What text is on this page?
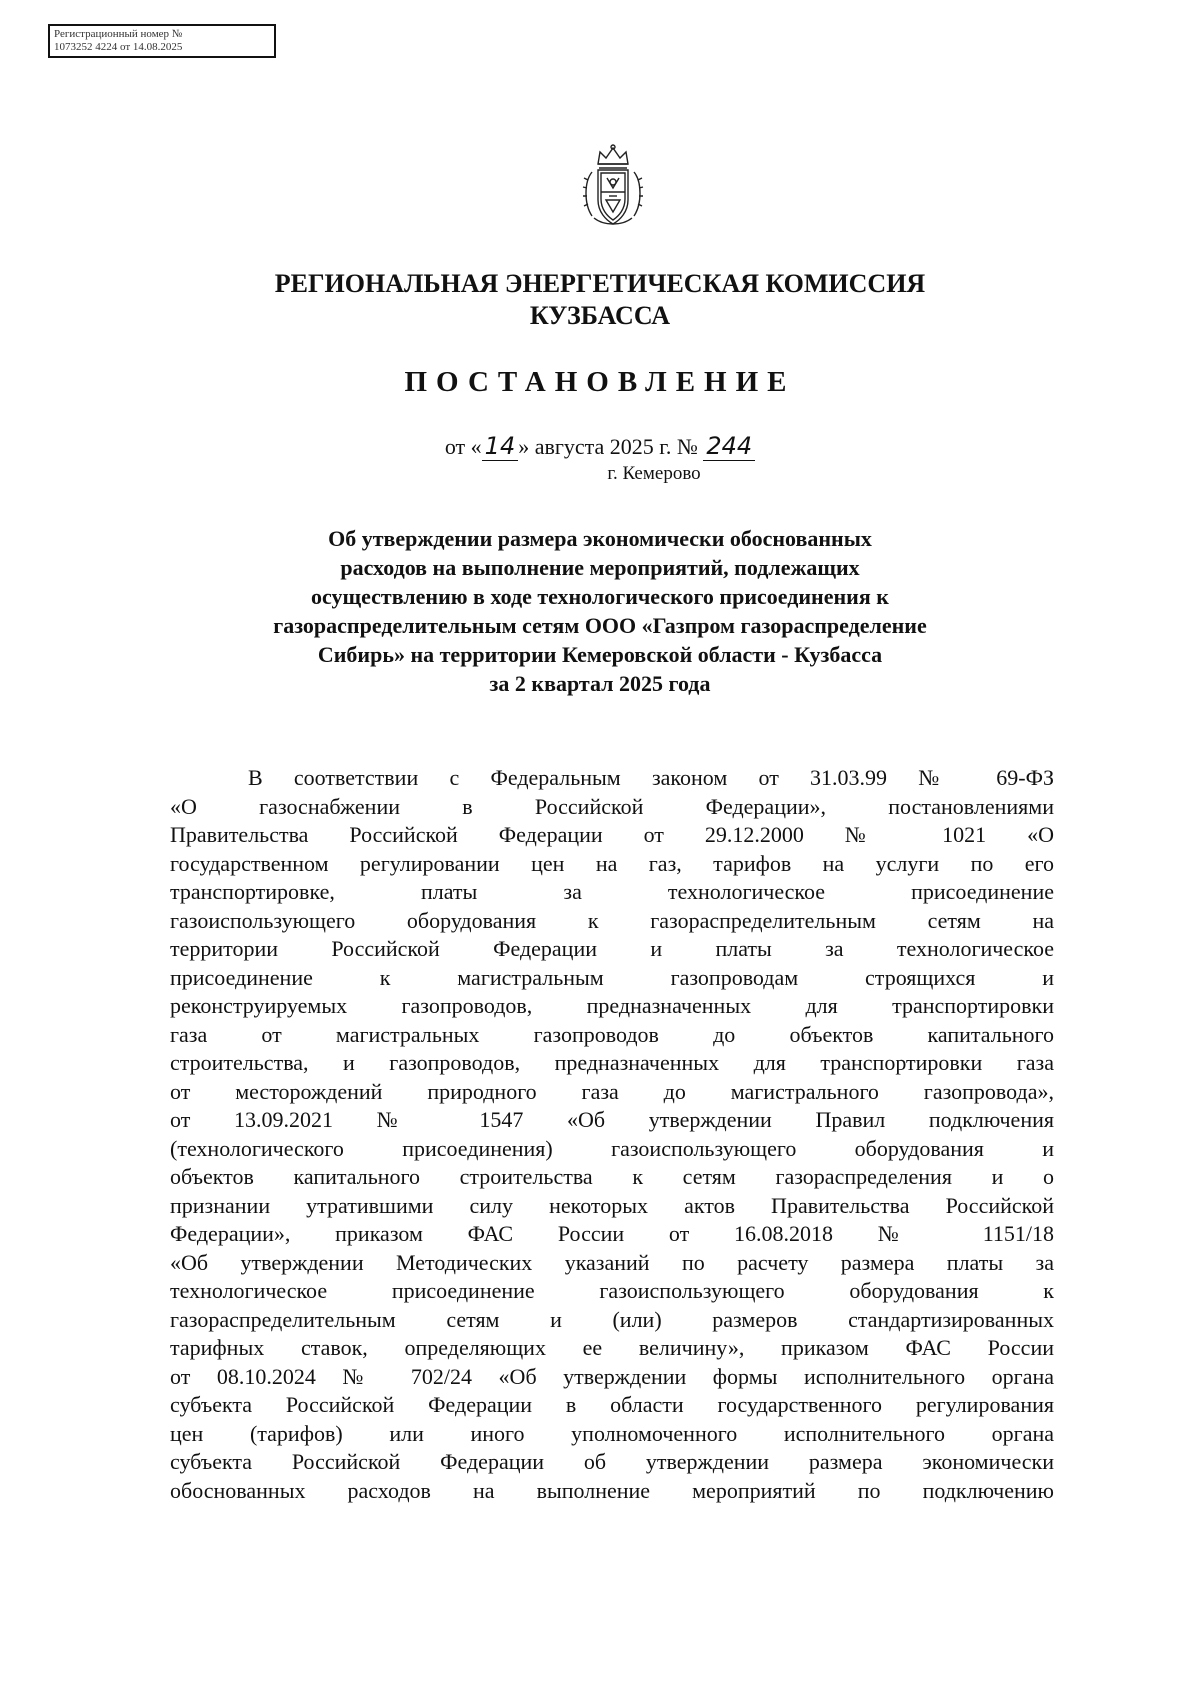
Регистрационный номер №
1073252 4224 от 14.08.2025
РЕГИОНАЛЬНАЯ ЭНЕРГЕТИЧЕСКАЯ КОМИССИЯ
КУЗБАССА
ПОСТАНОВЛЕНИЕ
от « 14 » августа 2025 г. № 244
г. Кемерово
Об утверждении размера экономически обоснованных
расходов на выполнение мероприятий, подлежащих
осуществлению в ходе технологического присоединения к
газораспределительным сетям ООО «Газпром газораспределение
Сибирь» на территории Кемеровской области - Кузбасса
за 2 квартал 2025 года
В соответствии с Федеральным законом от 31.03.99 № 69-ФЗ
«О газоснабжении в Российской Федерации», постановлениями
Правительства Российской Федерации от 29.12.2000 № 1021 «О
государственном регулировании цен на газ, тарифов на услуги по его
транспортировке, платы за технологическое присоединение
газоиспользующего оборудования к газораспределительным сетям на
территории Российской Федерации и платы за технологическое
присоединение к магистральным газопроводам строящихся и
реконструируемых газопроводов, предназначенных для транспортировки
газа от магистральных газопроводов до объектов капитального
строительства, и газопроводов, предназначенных для транспортировки газа
от месторождений природного газа до магистрального газопровода»,
от 13.09.2021 № 1547 «Об утверждении Правил подключения
(технологического присоединения) газоиспользующего оборудования и
объектов капитального строительства к сетям газораспределения и о
признании утратившими силу некоторых актов Правительства Российской
Федерации», приказом ФАС России от 16.08.2018 № 1151/18
«Об утверждении Методических указаний по расчету размера платы за
технологическое присоединение газоиспользующего оборудования к
газораспределительным сетям и (или) размеров стандартизированных
тарифных ставок, определяющих ее величину», приказом ФАС России
от 08.10.2024 № 702/24 «Об утверждении формы исполнительного органа
субъекта Российской Федерации в области государственного регулирования
цен (тарифов) или иного уполномоченного исполнительного органа
субъекта Российской Федерации об утверждении размера экономически
обоснованных расходов на выполнение мероприятий по подключению
